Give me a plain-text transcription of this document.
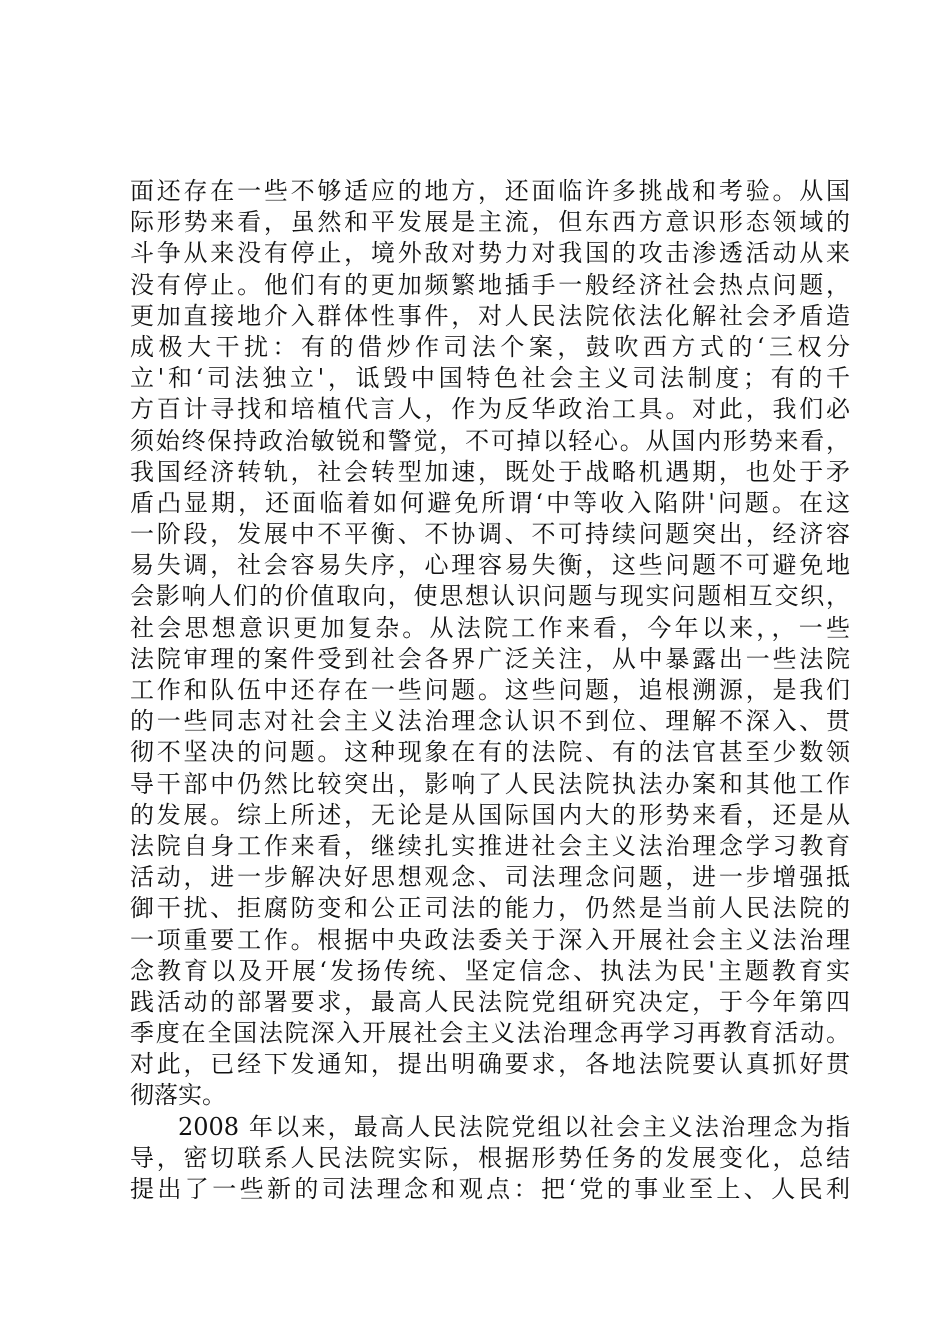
面还存在一些不够适应的地方，还面临许多挑战和考验。从国
际形势来看，虽然和平发展是主流，但东西方意识形态领域的
斗争从来没有停止，境外敌对势力对我国的攻击渗透活动从来
没有停止。他们有的更加频繁地插手一般经济社会热点问题，
更加直接地介入群体性事件，对人民法院依法化解社会矛盾造
成极大干扰：有的借炒作司法个案，鼓吹西方式的‘三权分
立'和‘司法独立'，诋毁中国特色社会主义司法制度；有的千
方百计寻找和培植代言人，作为反华政治工具。对此，我们必
须始终保持政治敏锐和警觉，不可掉以轻心。从国内形势来看，
我国经济转轨，社会转型加速，既处于战略机遇期，也处于矛
盾凸显期，还面临着如何避免所谓‘中等收入陷阱'问题。在这
一阶段，发展中不平衡、不协调、不可持续问题突出，经济容
易失调，社会容易失序，心理容易失衡，这些问题不可避免地
会影响人们的价值取向，使思想认识问题与现实问题相互交织，
社会思想意识更加复杂。从法院工作来看，今年以来，，一些
法院审理的案件受到社会各界广泛关注，从中暴露出一些法院
工作和队伍中还存在一些问题。这些问题，追根溯源，是我们
的一些同志对社会主义法治理念认识不到位、理解不深入、贯
彻不坚决的问题。这种现象在有的法院、有的法官甚至少数领
导干部中仍然比较突出，影响了人民法院执法办案和其他工作
的发展。综上所述，无论是从国际国内大的形势来看，还是从
法院自身工作来看，继续扎实推进社会主义法治理念学习教育
活动，进一步解决好思想观念、司法理念问题，进一步增强抵
御干扰、拒腐防变和公正司法的能力，仍然是当前人民法院的
一项重要工作。根据中央政法委关于深入开展社会主义法治理
念教育以及开展‘发扬传统、坚定信念、执法为民'主题教育实
践活动的部署要求，最高人民法院党组研究决定，于今年第四
季度在全国法院深入开展社会主义法治理念再学习再教育活动。
对此，已经下发通知，提出明确要求，各地法院要认真抓好贯
彻落实。
2008 年以来，最高人民法院党组以社会主义法治理念为指
导，密切联系人民法院实际，根据形势任务的发展变化，总结
提出了一些新的司法理念和观点：把‘党的事业至上、人民利
